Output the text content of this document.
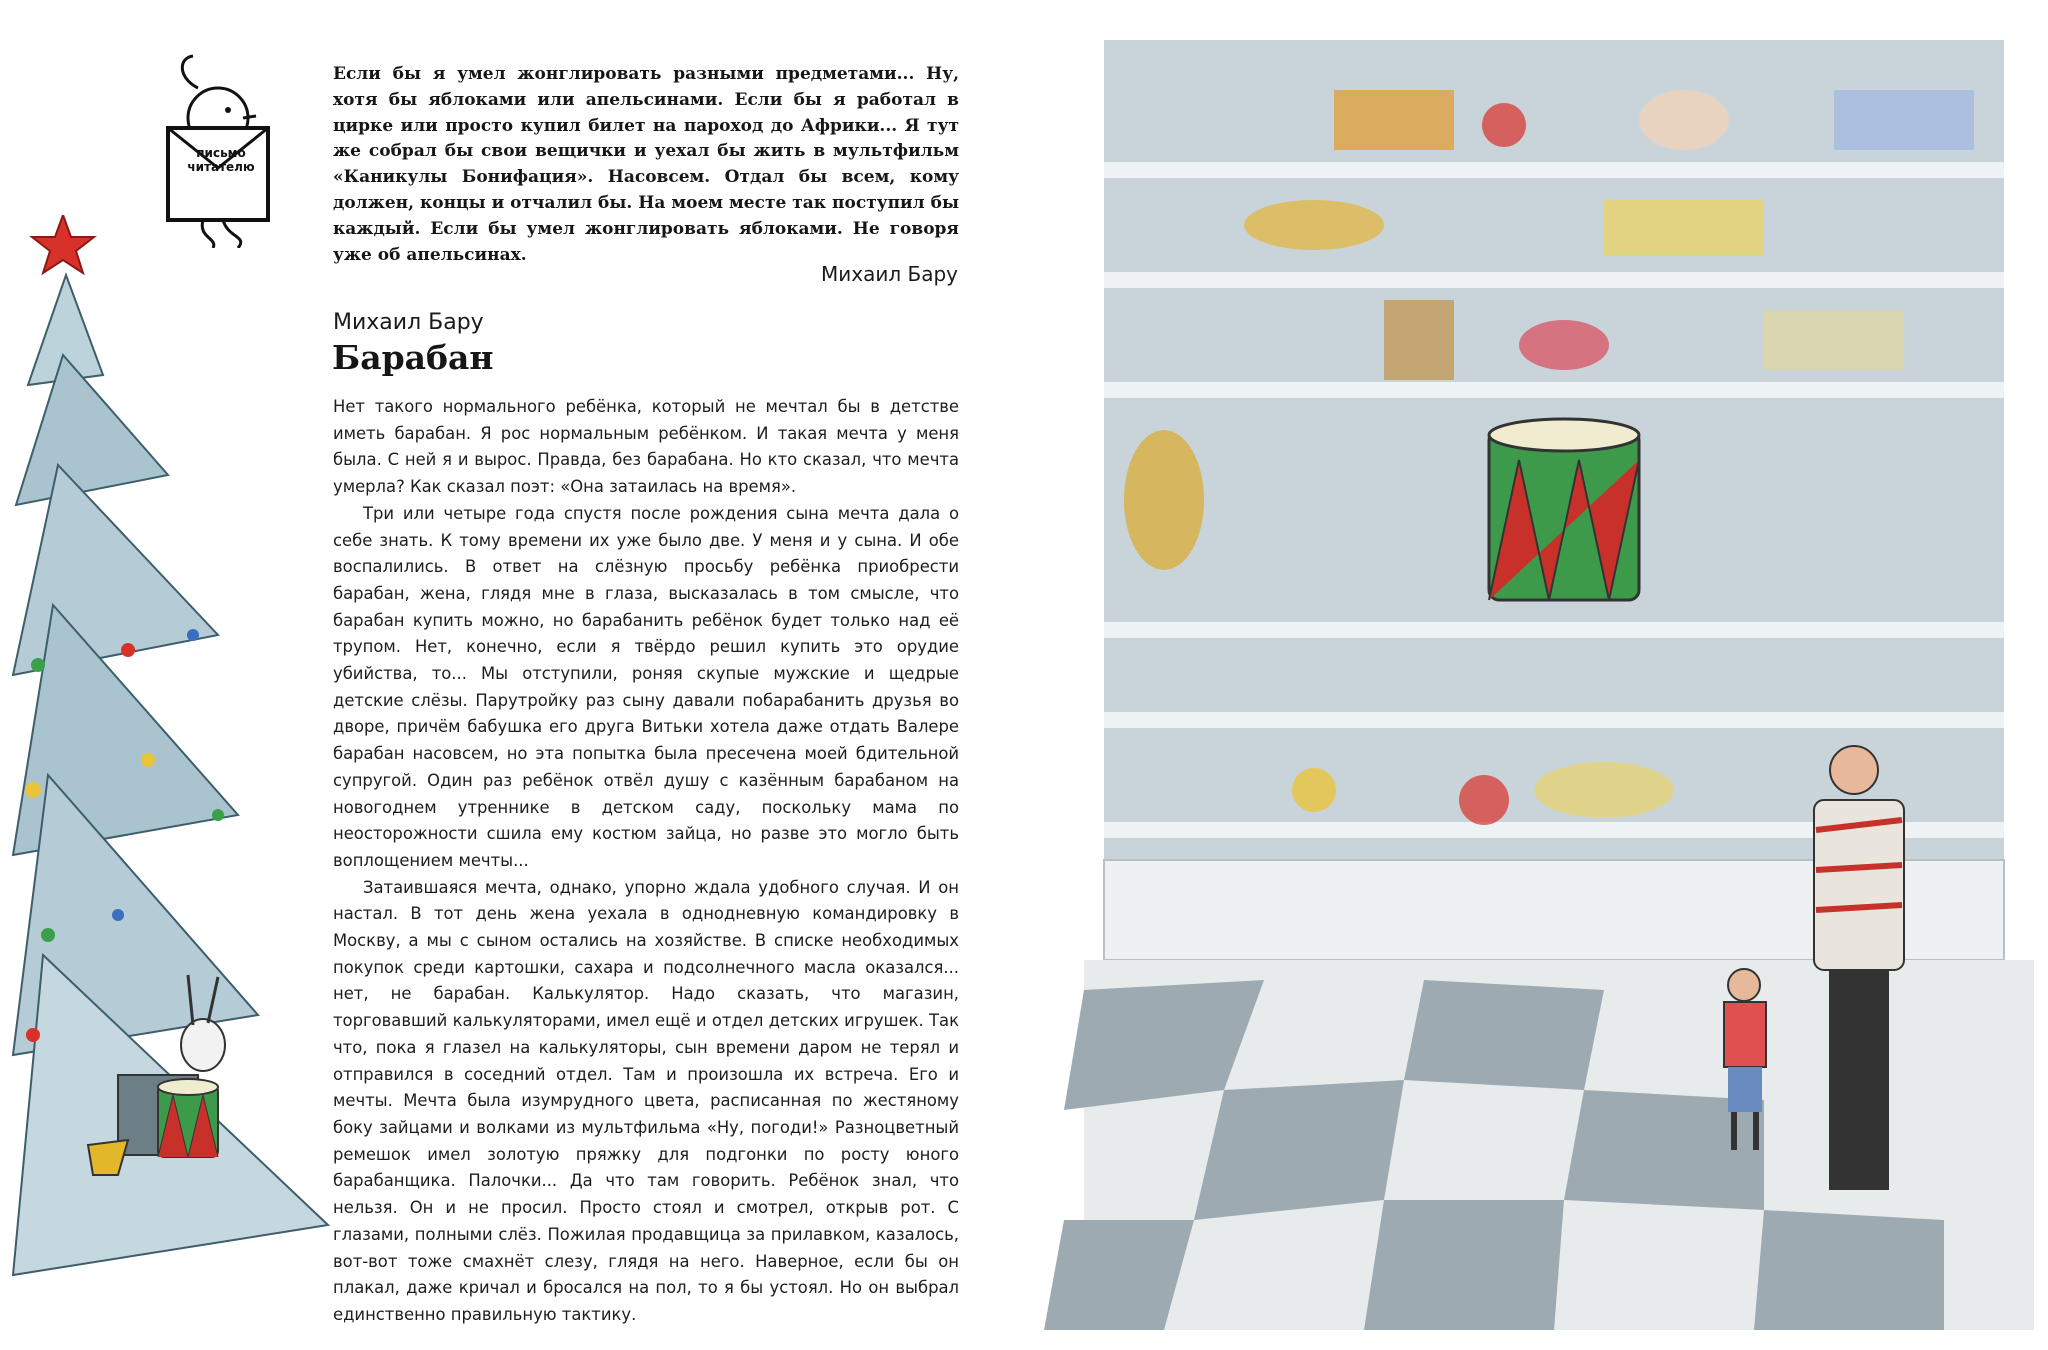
письмо
читателю
Если бы я умел жонглировать разными предметами... Ну, хотя бы яблоками или апельсинами. Если бы я работал в цирке или просто купил билет на пароход до Африки... Я тут же собрал бы свои вещички и уехал бы жить в мультфильм «Каникулы Бонифация». Насовсем. Отдал бы всем, кому должен, концы и отчалил бы. На моем месте так поступил бы каждый. Если бы умел жонглировать яблоками. Не говоря уже об апельсинах.
Михаил Бару
Михаил Бару
Барабан

Нет такого нормального ребёнка, который не мечтал бы в детстве иметь барабан. Я рос нормальным ребёнком. И такая мечта у меня была. С ней я и вырос. Правда, без барабана. Но кто сказал, что мечта умерла? Как сказал поэт: «Она затаилась на время».

Три или четыре года спустя после рождения сына мечта дала о себе знать. К тому времени их уже было две. У меня и у сына. И обе воспалились. В ответ на слёзную просьбу ребёнка приобрести барабан, жена, глядя мне в глаза, высказалась в том смысле, что барабан купить можно, но барабанить ребёнок будет только над её трупом. Нет, конечно, если я твёрдо решил купить это орудие убийства, то... Мы отступили, роняя скупые мужские и щедрые детские слёзы. Парутройку раз сыну давали побарабанить друзья во дворе, причём бабушка его друга Витьки хотела даже отдать Валере барабан насовсем, но эта попытка была пресечена моей бдительной супругой. Один раз ребёнок отвёл душу с казённым барабаном на новогоднем утреннике в детском саду, поскольку мама по неосторожности сшила ему костюм зайца, но разве это могло быть воплощением мечты...

Затаившаяся мечта, однако, упорно ждала удобного случая. И он настал. В тот день жена уехала в однодневную командировку в Москву, а мы с сыном остались на хозяйстве. В списке необходимых покупок среди картошки, сахара и подсолнечного масла оказался... нет, не барабан. Калькулятор. Надо сказать, что магазин, торговавший калькуляторами, имел ещё и отдел детских игрушек. Так что, пока я глазел на калькуляторы, сын времени даром не терял и отправился в соседний отдел. Там и произошла их встреча. Его и мечты. Мечта была изумрудного цвета, расписанная по жестяному боку зайцами и волками из мультфильма «Ну, погоди!» Разноцветный ремешок имел золотую пряжку для подгонки по росту юного барабанщика. Палочки... Да что там говорить. Ребёнок знал, что нельзя. Он и не просил. Просто стоял и смотрел, открыв рот. С глазами, полными слёз. Пожилая продавщица за прилавком, казалось, вот-вот тоже смахнёт слезу, глядя на него. Наверное, если бы он плакал, даже кричал и бросался на пол, то я бы устоял. Но он выбрал единственно правильную тактику.
